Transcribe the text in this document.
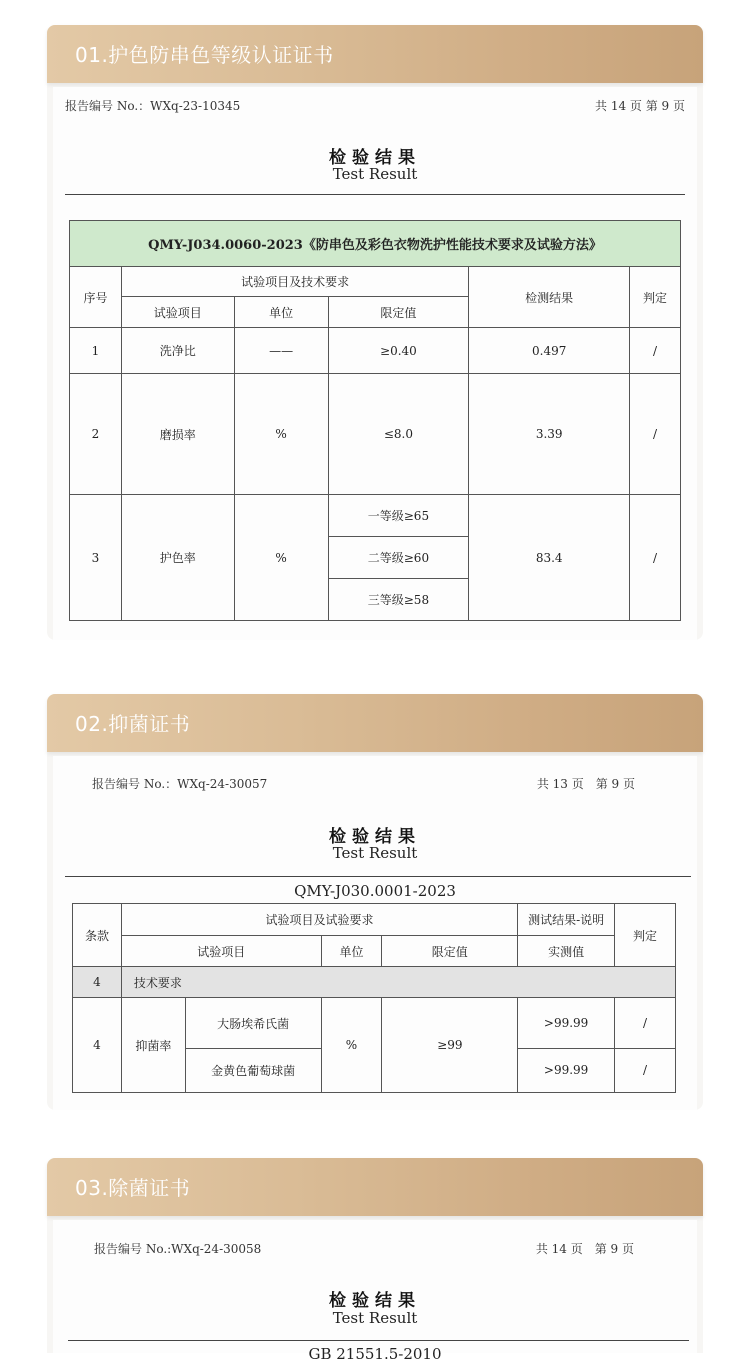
01.护色防串色等级认证证书
报告编号 No.：WXq-23-10345	共 14 页 第 9 页
检验结果
Test Result
QMY-J034.0060-2023《防串色及彩色衣物洗护性能技术要求及试验方法》					
序号	试验项目及技术要求			检测结果	判定
	试验项目	单位	限定值		
1	洗净比	——	≥0.40	0.497	/
2	磨损率	%	≤8.0	3.39	/
3	护色率	%	一等级≥65	83.4	/
			二等级≥60		
			三等级≥58		
02.抑菌证书
报告编号 No.：WXq-24-30057	共 13 页　第 9 页
检验结果
Test Result
QMY-J030.0001-2023
条款	试验项目及试验要求				测试结果-说明	判定
	试验项目		单位	限定值	实测值	
4	技术要求					
4	抑菌率	大肠埃希氏菌	%	≥99	>99.99	/
		金黄色葡萄球菌			>99.99	/
03.除菌证书
报告编号 No.:WXq-24-30058	共 14 页　第 9 页
检验结果
Test Result
GB 21551.5-2010
